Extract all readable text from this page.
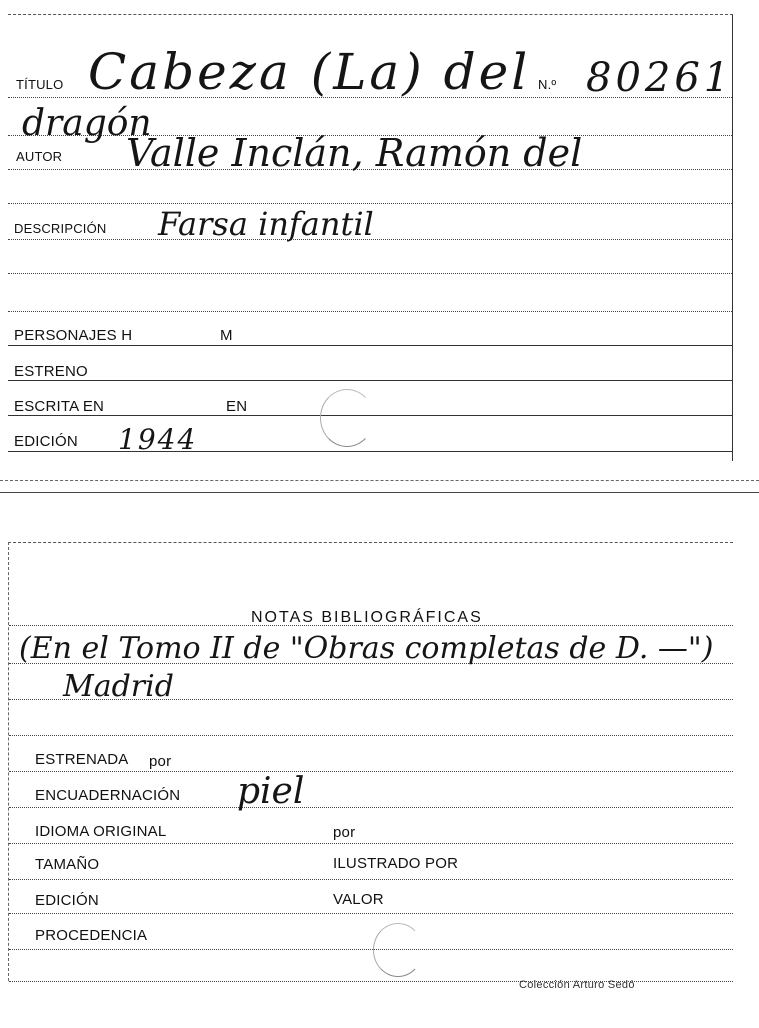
TÍTULO Cabeza (La) del N.º 80261
dragón
AUTOR Valle Inclán, Ramón del
DESCRIPCIÓN Farsa infantil
PERSONAJES H	M
ESTRENO
ESCRITA EN	EN
EDICIÓN 1944
NOTAS BIBLIOGRÁFICAS
(En el Tomo II de "Obras completas de D. —")
Madrid
ESTRENADA por
ENCUADERNACIÓN piel
IDIOMA ORIGINAL	por
TAMAÑO	ILUSTRADO POR
EDICIÓN	VALOR
PROCEDENCIA
Colección Arturo Sedó
